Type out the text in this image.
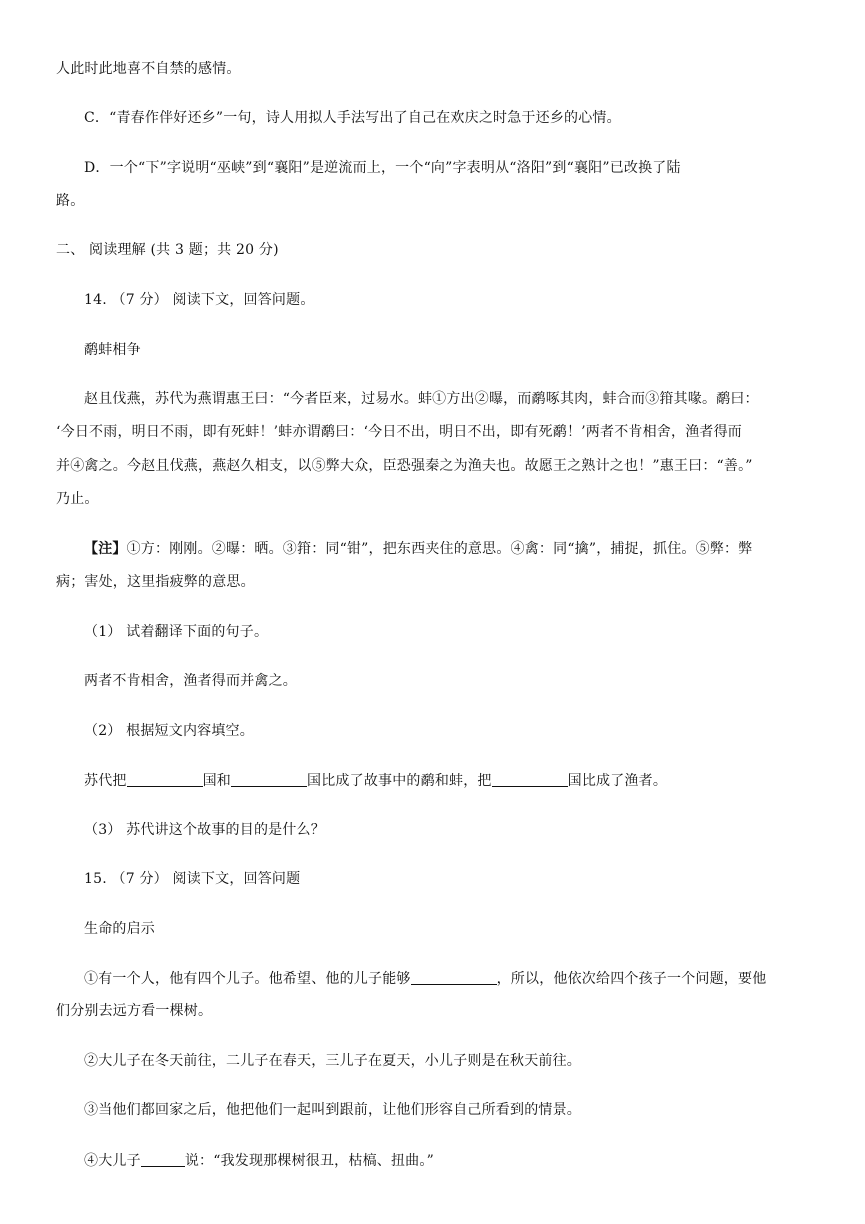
人此时此地喜不自禁的感情。
C．“青春作伴好还乡”一句，诗人用拟人手法写出了自己在欢庆之时急于还乡的心情。
D．一个“下”字说明“巫峡”到“襄阳”是逆流而上，一个“向”字表明从“洛阳”到“襄阳”已改换了陆
路。
二、 阅读理解 (共 3 题；共 20 分)
14. （7 分） 阅读下文，回答问题。
鹬蚌相争
赵且伐燕，苏代为燕谓惠王曰：“今者臣来，过易水。蚌①方出②曝，而鹬啄其肉，蚌合而③箝其喙。鹬曰：
‘今日不雨，明日不雨，即有死蚌！’蚌亦谓鹬曰：‘今日不出，明日不出，即有死鹬！’两者不肯相舍，渔者得而
并④禽之。今赵且伐燕，燕赵久相支，以⑤弊大众，臣恐强秦之为渔夫也。故愿王之熟计之也！”惠王曰：“善。”
乃止。
【注】①方：刚刚。②曝：晒。③箝：同“钳”，把东西夹住的意思。④禽：同“擒”，捕捉，抓住。⑤弊：弊
病；害处，这里指疲弊的意思。
（1） 试着翻译下面的句子。
两者不肯相舍，渔者得而并禽之。
（2） 根据短文内容填空。
苏代把	国和	国比成了故事中的鹬和蚌，把	国比成了渔者。
（3） 苏代讲这个故事的目的是什么？
15. （7 分） 阅读下文，回答问题
生命的启示
①有一个人，他有四个儿子。他希望、他的儿子能够	，所以，他依次给四个孩子一个问题，要他
们分别去远方看一棵树。
②大儿子在冬天前往，二儿子在春天，三儿子在夏天，小儿子则是在秋天前往。
③当他们都回家之后，他把他们一起叫到跟前，让他们形容自己所看到的情景。
④大儿子	说：“我发现那棵树很丑，枯槁、扭曲。”
